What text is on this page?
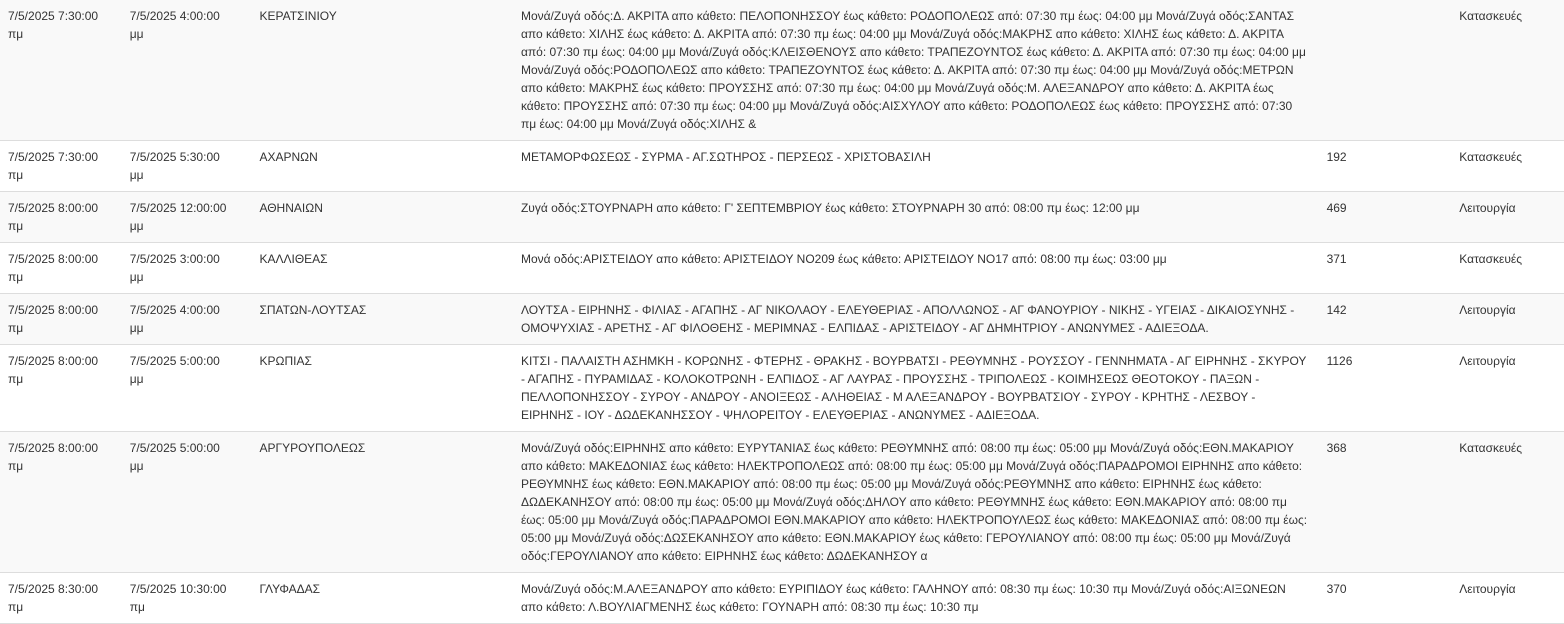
7/5/2025 7:30:00 πμ	7/5/2025 4:00:00 μμ	ΚΕΡΑΤΣΙΝΙΟΥ	Μονά/Ζυγά οδός:Δ. ΑΚΡΙΤΑ απο κάθετο: ΠΕΛΟΠΟΝΗΣΣΟΥ έως κάθετο: ΡΟΔΟΠΟΛΕΩΣ από: 07:30 πμ έως: 04:00 μμ Μονά/Ζυγά οδός:ΣΑΝΤΑΣ απο κάθετο: ΧΙΛΗΣ έως κάθετο: Δ. ΑΚΡΙΤΑ από: 07:30 πμ έως: 04:00 μμ Μονά/Ζυγά οδός:ΜΑΚΡΗΣ απο κάθετο: ΧΙΛΗΣ έως κάθετο: Δ. ΑΚΡΙΤΑ από: 07:30 πμ έως: 04:00 μμ Μονά/Ζυγά οδός:ΚΛΕΙΣΘΕΝΟΥΣ απο κάθετο: ΤΡΑΠΕΖΟΥΝΤΟΣ έως κάθετο: Δ. ΑΚΡΙΤΑ από: 07:30 πμ έως: 04:00 μμ Μονά/Ζυγά οδός:ΡΟΔΟΠΟΛΕΩΣ απο κάθετο: ΤΡΑΠΕΖΟΥΝΤΟΣ έως κάθετο: Δ. ΑΚΡΙΤΑ από: 07:30 πμ έως: 04:00 μμ Μονά/Ζυγά οδός:ΜΕΤΡΩΝ απο κάθετο: ΜΑΚΡΗΣ έως κάθετο: ΠΡΟΥΣΣΗΣ από: 07:30 πμ έως: 04:00 μμ Μονά/Ζυγά οδός:Μ. ΑΛΕΞΑΝΔΡΟΥ απο κάθετο: Δ. ΑΚΡΙΤΑ έως κάθετο: ΠΡΟΥΣΣΗΣ από: 07:30 πμ έως: 04:00 μμ Μονά/Ζυγά οδός:ΑΙΣΧΥΛΟΥ απο κάθετο: ΡΟΔΟΠΟΛΕΩΣ έως κάθετο: ΠΡΟΥΣΣΗΣ από: 07:30 πμ έως: 04:00 μμ Μονά/Ζυγά οδός:ΧΙΛΗΣ &		Κατασκευές
7/5/2025 7:30:00 πμ	7/5/2025 5:30:00 μμ	ΑΧΑΡΝΩΝ	ΜΕΤΑΜΟΡΦΩΣΕΩΣ - ΣΥΡΜΑ - ΑΓ.ΣΩΤΗΡΟΣ - ΠΕΡΣΕΩΣ - ΧΡΙΣΤΟΒΑΣΙΛΗ	192	Κατασκευές
7/5/2025 8:00:00 πμ	7/5/2025 12:00:00 μμ	ΑΘΗΝΑΙΩΝ	Ζυγά οδός:ΣΤΟΥΡΝΑΡΗ απο κάθετο: Γ' ΣΕΠΤΕΜΒΡΙΟΥ έως κάθετο: ΣΤΟΥΡΝΑΡΗ 30 από: 08:00 πμ έως: 12:00 μμ	469	Λειτουργία
7/5/2025 8:00:00 πμ	7/5/2025 3:00:00 μμ	ΚΑΛΛΙΘΕΑΣ	Μονά οδός:ΑΡΙΣΤΕΙΔΟΥ απο κάθετο: ΑΡΙΣΤΕΙΔΟΥ ΝΟ209 έως κάθετο: ΑΡΙΣΤΕΙΔΟΥ ΝΟ17 από: 08:00 πμ έως: 03:00 μμ	371	Κατασκευές
7/5/2025 8:00:00 πμ	7/5/2025 4:00:00 μμ	ΣΠΑΤΩΝ-ΛΟΥΤΣΑΣ	ΛΟΥΤΣΑ - ΕΙΡΗΝΗΣ - ΦΙΛΙΑΣ - ΑΓΑΠΗΣ - ΑΓ ΝΙΚΟΛΑΟΥ - ΕΛΕΥΘΕΡΙΑΣ - ΑΠΟΛΛΩΝΟΣ - ΑΓ ΦΑΝΟΥΡΙΟΥ - ΝΙΚΗΣ - ΥΓΕΙΑΣ - ΔΙΚΑΙΟΣΥΝΗΣ - ΟΜΟΨΥΧΙΑΣ - ΑΡΕΤΗΣ - ΑΓ ΦΙΛΟΘΕΗΣ - ΜΕΡΙΜΝΑΣ - ΕΛΠΙΔΑΣ - ΑΡΙΣΤΕΙΔΟΥ - ΑΓ ΔΗΜΗΤΡΙΟΥ - ΑΝΩΝΥΜΕΣ - ΑΔΙΕΞΟΔΑ.	142	Λειτουργία
7/5/2025 8:00:00 πμ	7/5/2025 5:00:00 μμ	ΚΡΩΠΙΑΣ	ΚΙΤΣΙ - ΠΑΛΑΙΣΤΗ ΑΣΗΜΚΗ - ΚΟΡΩΝΗΣ - ΦΤΕΡΗΣ - ΘΡΑΚΗΣ - ΒΟΥΡΒΑΤΣΙ - ΡΕΘΥΜΝΗΣ - ΡΟΥΣΣΟΥ - ΓΕΝΝΗΜΑΤΑ - ΑΓ ΕΙΡΗΝΗΣ - ΣΚΥΡΟΥ - ΑΓΑΠΗΣ - ΠΥΡΑΜΙΔΑΣ - ΚΟΛΟΚΟΤΡΩΝΗ - ΕΛΠΙΔΟΣ - ΑΓ ΛΑΥΡΑΣ - ΠΡΟΥΣΣΗΣ - ΤΡΙΠΟΛΕΩΣ - ΚΟΙΜΗΣΕΩΣ ΘΕΟΤΟΚΟΥ - ΠΑΞΩΝ - ΠΕΛΛΟΠΟΝΗΣΣΟΥ - ΣΥΡΟΥ - ΑΝΔΡΟΥ - ΑΝΟΙΞΕΩΣ - ΑΛΗΘΕΙΑΣ - Μ ΑΛΕΞΑΝΔΡΟΥ - ΒΟΥΡΒΑΤΣΙΟΥ - ΣΥΡΟΥ - ΚΡΗΤΗΣ - ΛΕΣΒΟΥ - ΕΙΡΗΝΗΣ - ΙΟΥ - ΔΩΔΕΚΑΝΗΣΣΟΥ - ΨΗΛΟΡΕΙΤΟΥ - ΕΛΕΥΘΕΡΙΑΣ - ΑΝΩΝΥΜΕΣ - ΑΔΙΕΞΟΔΑ.	1126	Λειτουργία
7/5/2025 8:00:00 πμ	7/5/2025 5:00:00 μμ	ΑΡΓΥΡΟΥΠΟΛΕΩΣ	Μονά/Ζυγά οδός:ΕΙΡΗΝΗΣ απο κάθετο: ΕΥΡΥΤΑΝΙΑΣ έως κάθετο: ΡΕΘΥΜΝΗΣ από: 08:00 πμ έως: 05:00 μμ Μονά/Ζυγά οδός:ΕΘΝ.ΜΑΚΑΡΙΟΥ απο κάθετο: ΜΑΚΕΔΟΝΙΑΣ έως κάθετο: ΗΛΕΚΤΡΟΠΟΛΕΩΣ από: 08:00 πμ έως: 05:00 μμ Μονά/Ζυγά οδός:ΠΑΡΑΔΡΟΜΟΙ ΕΙΡΗΝΗΣ απο κάθετο: ΡΕΘΥΜΝΗΣ έως κάθετο: ΕΘΝ.ΜΑΚΑΡΙΟΥ από: 08:00 πμ έως: 05:00 μμ Μονά/Ζυγά οδός:ΡΕΘΥΜΝΗΣ απο κάθετο: ΕΙΡΗΝΗΣ έως κάθετο: ΔΩΔΕΚΑΝΗΣΟΥ από: 08:00 πμ έως: 05:00 μμ Μονά/Ζυγά οδός:ΔΗΛΟΥ απο κάθετο: ΡΕΘΥΜΝΗΣ έως κάθετο: ΕΘΝ.ΜΑΚΑΡΙΟΥ από: 08:00 πμ έως: 05:00 μμ Μονά/Ζυγά οδός:ΠΑΡΑΔΡΟΜΟΙ ΕΘΝ.ΜΑΚΑΡΙΟΥ απο κάθετο: ΗΛΕΚΤΡΟΠΟΥΛΕΩΣ έως κάθετο: ΜΑΚΕΔΟΝΙΑΣ από: 08:00 πμ έως: 05:00 μμ Μονά/Ζυγά οδός:ΔΩΣΕΚΑΝΗΣΟΥ απο κάθετο: ΕΘΝ.ΜΑΚΑΡΙΟΥ έως κάθετο: ΓΕΡΟΥΛΙΑΝΟΥ από: 08:00 πμ έως: 05:00 μμ Μονά/Ζυγά οδός:ΓΕΡΟΥΛΙΑΝΟΥ απο κάθετο: ΕΙΡΗΝΗΣ έως κάθετο: ΔΩΔΕΚΑΝΗΣΟΥ α	368	Κατασκευές
7/5/2025 8:30:00 πμ	7/5/2025 10:30:00 πμ	ΓΛΥΦΑΔΑΣ	Μονά/Ζυγά οδός:Μ.ΑΛΕΞΑΝΔΡΟΥ απο κάθετο: ΕΥΡΙΠΙΔΟΥ έως κάθετο: ΓΑΛΗΝΟΥ από: 08:30 πμ έως: 10:30 πμ Μονά/Ζυγά οδός:ΑΙΞΩΝΕΩΝ απο κάθετο: Λ.ΒΟΥΛΙΑΓΜΕΝΗΣ έως κάθετο: ΓΟΥΝΑΡΗ από: 08:30 πμ έως: 10:30 πμ	370	Λειτουργία
